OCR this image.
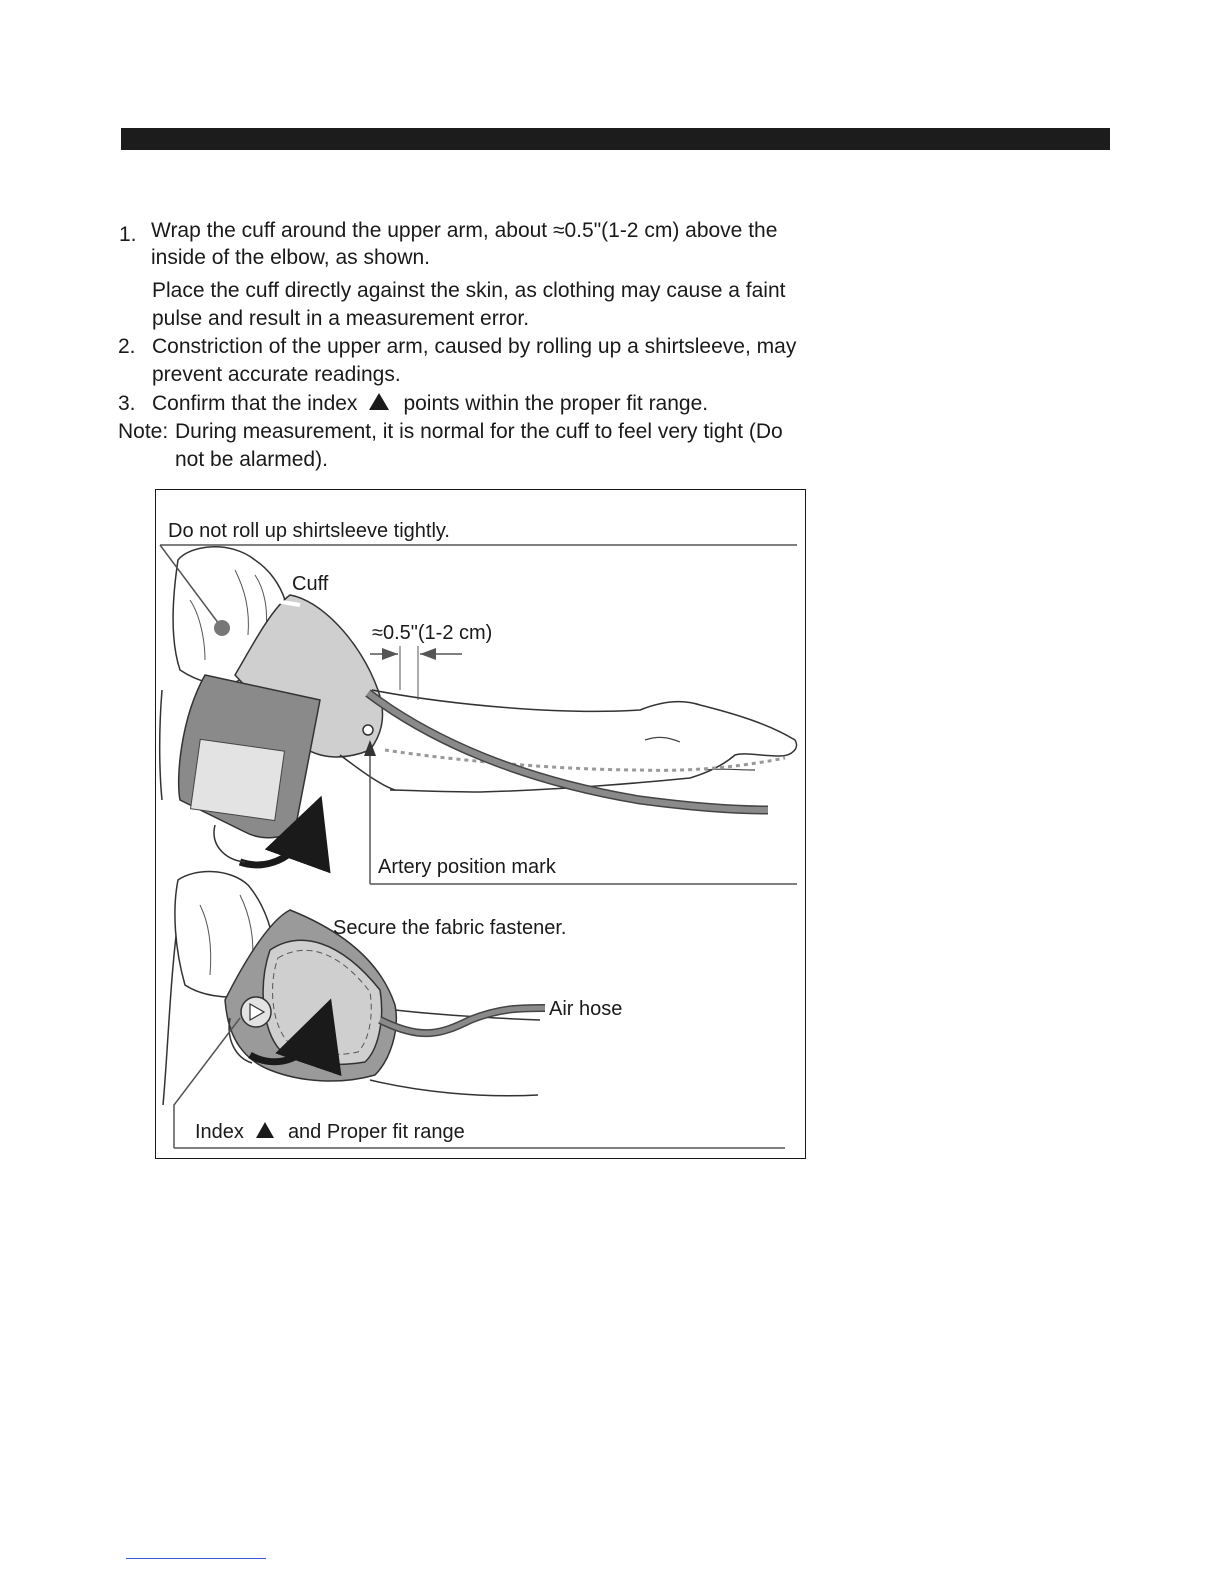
1. Wrap the cuff around the upper arm, about ≈0.5"(1-2 cm) above the
inside of the elbow, as shown.
Place the cuff directly against the skin, as clothing may cause a faint
pulse and result in a measurement error.
2. Constriction of the upper arm, caused by rolling up a shirtsleeve, may
prevent accurate readings.
3. Confirm that the index points within the proper fit range.
Note: During measurement, it is normal for the cuff to feel very tight (Do
not be alarmed).
Do not roll up shirtsleeve tightly.
Cuff
≈0.5"(1-2 cm)
Artery position mark
Secure the fabric fastener.
Air hose
Index and Proper fit range
